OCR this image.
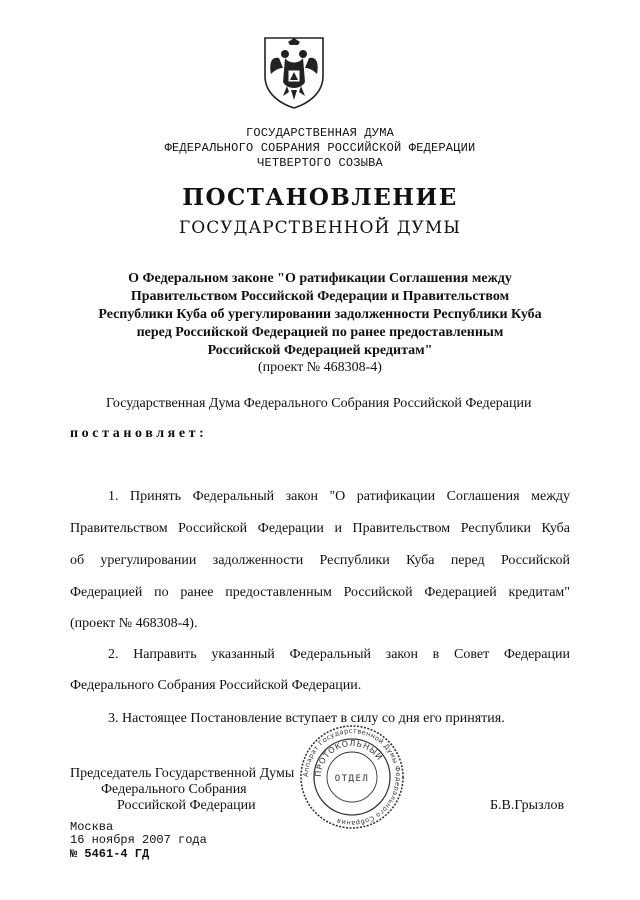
ГОСУДАРСТВЕННАЯ ДУМА
ФЕДЕРАЛЬНОГО СОБРАНИЯ РОССИЙСКОЙ ФЕДЕРАЦИИ
ЧЕТВЕРТОГО СОЗЫВА
ПОСТАНОВЛЕНИЕ
ГОСУДАРСТВЕННОЙ ДУМЫ
О Федеральном законе "О ратификации Соглашения между
Правительством Российской Федерации и Правительством
Республики Куба об урегулировании задолженности Республики Куба
перед Российской Федерацией по ранее предоставленным
Российской Федерацией кредитам"
(проект № 468308-4)
Государственная Дума Федерального Собрания Российской Федерации
постановляет:
1. Принять Федеральный закон "О ратификации Соглашения между
Правительством Российской Федерации и Правительством Республики Куба
об урегулировании задолженности Республики Куба перед Российской
Федерацией по ранее предоставленным Российской Федерацией кредитам"
(проект № 468308-4).
2. Направить указанный Федеральный закон в Совет Федерации
Федерального Собрания Российской Федерации.
3. Настоящее Постановление вступает в силу со дня его принятия.
Аппарат Государственной Думы Федерального Собрания
ПРОТОКОЛЬНЫЙ
ОТДЕЛ
Председатель Государственной Думы
Федерального Собрания
Российской Федерации	Б.В.Грызлов
Москва
16 ноября 2007 года
№ 5461-4 ГД
